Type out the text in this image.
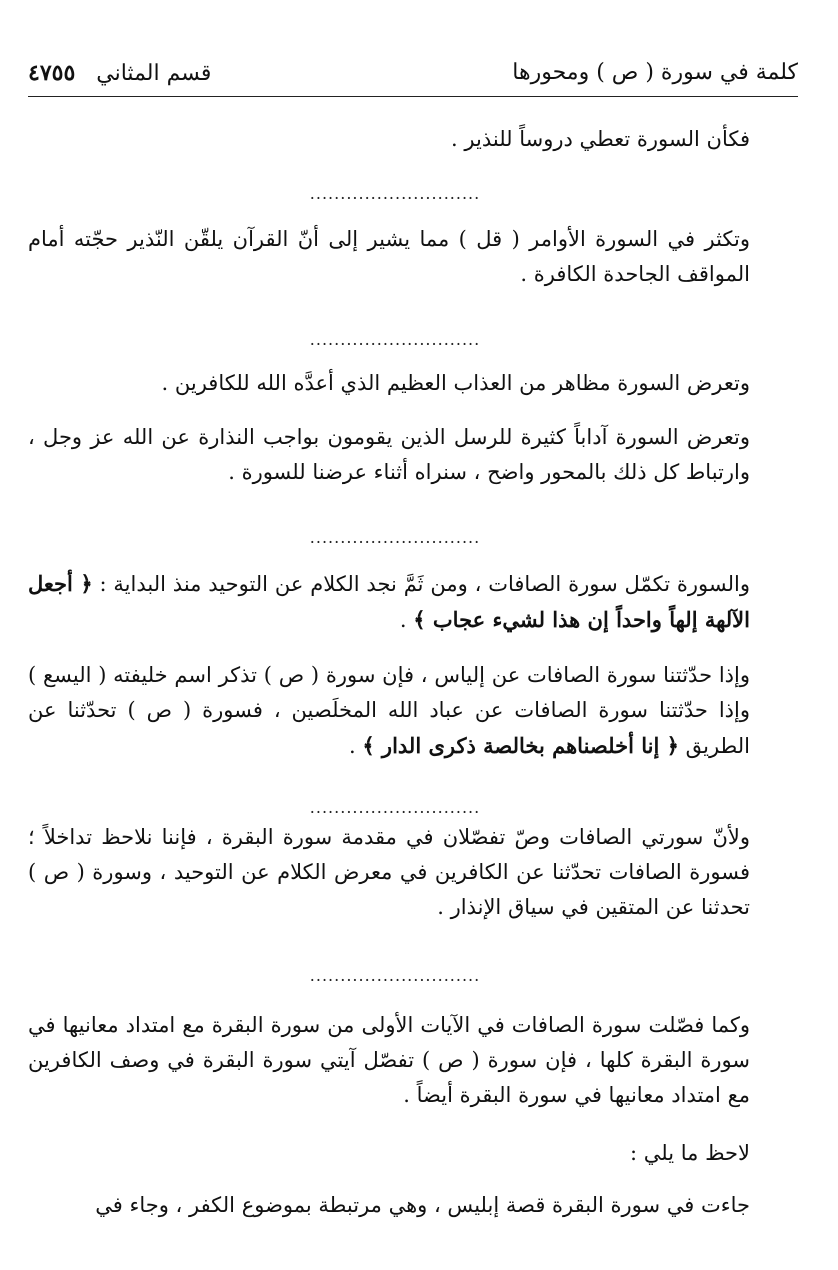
كلمة في سورة ( ص ) ومحورها
قسم المثاني ٤٧٥٥

فكأن السورة تعطي دروساً للنذير .

............................

وتكثر في السورة الأوامر ( قل ) مما يشير إلى أنّ القرآن يلقّن النّذير حجّته أمام المواقف الجاحدة الكافرة .

............................

وتعرض السورة مظاهر من العذاب العظيم الذي أعدَّه الله للكافرين .

وتعرض السورة آداباً كثيرة للرسل الذين يقومون بواجب النذارة عن الله عز وجل ، وارتباط كل ذلك بالمحور واضح ، سنراه أثناء عرضنا للسورة .

............................

والسورة تكمّل سورة الصافات ، ومن ثَمَّ نجد الكلام عن التوحيد منذ البداية : ﴿ أجعل الآلهة إلهاً واحداً إن هذا لشيء عجاب ﴾ .

وإذا حدّثتنا سورة الصافات عن إلياس ، فإن سورة ( ص ) تذكر اسم خليفته ( اليسع ) وإذا حدّثتنا سورة الصافات عن عباد الله المخلَصين ، فسورة ( ص ) تحدّثنا عن الطريق ﴿ إنا أخلصناهم بخالصة ذكرى الدار ﴾ .

............................

ولأنّ سورتي الصافات وصّ تفصّلان في مقدمة سورة البقرة ، فإننا نلاحظ تداخلاً ؛ فسورة الصافات تحدّثنا عن الكافرين في معرض الكلام عن التوحيد ، وسورة ( ص ) تحدثنا عن المتقين في سياق الإنذار .

............................

وكما فصّلت سورة الصافات في الآيات الأولى من سورة البقرة مع امتداد معانيها في سورة البقرة كلها ، فإن سورة ( ص ) تفصّل آيتي سورة البقرة في وصف الكافرين مع امتداد معانيها في سورة البقرة أيضاً .

لاحظ ما يلي :

جاءت في سورة البقرة قصة إبليس ، وهي مرتبطة بموضوع الكفر ، وجاء في
